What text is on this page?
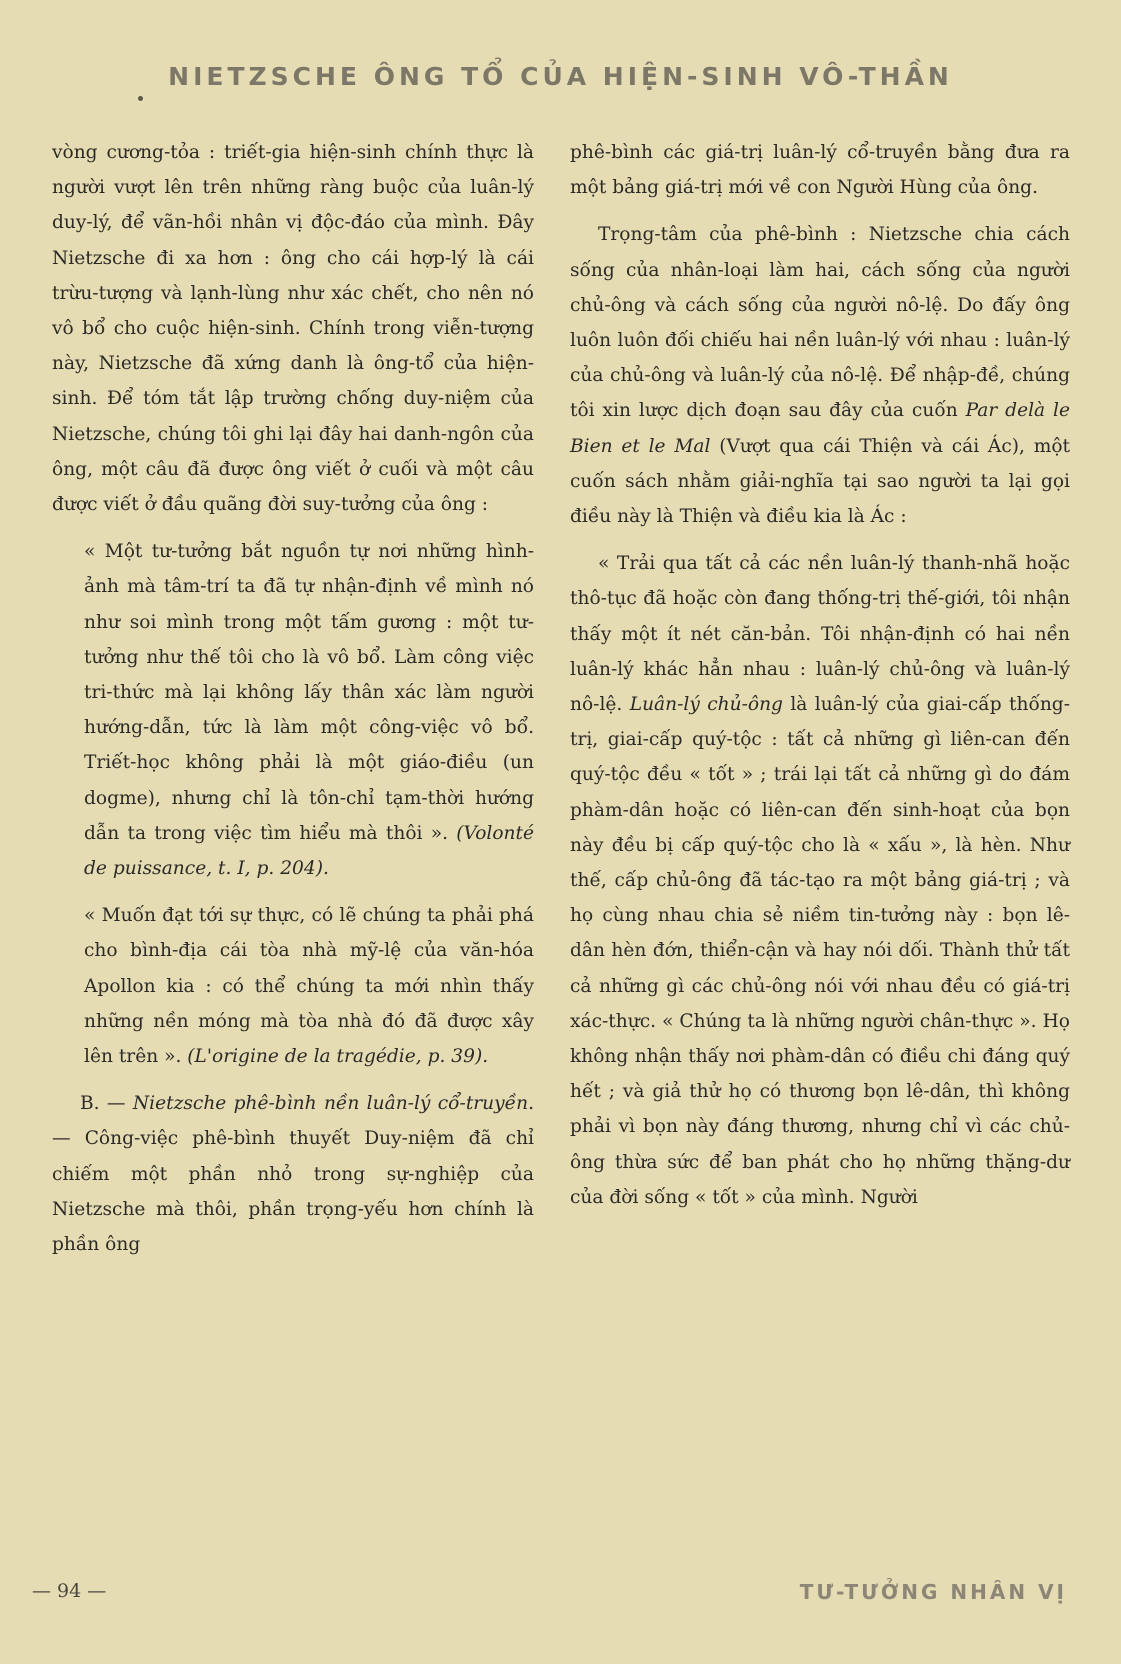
NIETZSCHE ÔNG TỔ CỦA HIỆN-SINH VÔ-THẦN

vòng cương-tỏa : triết-gia hiện-sinh chính thực là người vượt lên trên những ràng buộc của luân-lý duy-lý, để vãn-hồi nhân vị độc-đáo của mình. Đây Nietzsche đi xa hơn : ông cho cái hợp-lý là cái trừu-tượng và lạnh-lùng như xác chết, cho nên nó vô bổ cho cuộc hiện-sinh. Chính trong viễn-tượng này, Nietzsche đã xứng danh là ông-tổ của hiện-sinh. Để tóm tắt lập trường chống duy-niệm của Nietzsche, chúng tôi ghi lại đây hai danh-ngôn của ông, một câu đã được ông viết ở cuối và một câu được viết ở đầu quãng đời suy-tưởng của ông :

« Một tư-tưởng bắt nguồn tự nơi những hình-ảnh mà tâm-trí ta đã tự nhận-định về mình nó như soi mình trong một tấm gương : một tư-tưởng như thế tôi cho là vô bổ. Làm công việc tri-thức mà lại không lấy thân xác làm người hướng-dẫn, tức là làm một công-việc vô bổ. Triết-học không phải là một giáo-điều (un dogme), nhưng chỉ là tôn-chỉ tạm-thời hướng dẫn ta trong việc tìm hiểu mà thôi ». (Volonté de puissance, t. I, p. 204).

« Muốn đạt tới sự thực, có lẽ chúng ta phải phá cho bình-địa cái tòa nhà mỹ-lệ của văn-hóa Apollon kia : có thể chúng ta mới nhìn thấy những nền móng mà tòa nhà đó đã được xây lên trên ». (L'origine de la tragédie, p. 39).

B. — Nietzsche phê-bình nền luân-lý cổ-truyền. — Công-việc phê-bình thuyết Duy-niệm đã chỉ chiếm một phần nhỏ trong sự-nghiệp của Nietzsche mà thôi, phần trọng-yếu hơn chính là phần ông

phê-bình các giá-trị luân-lý cổ-truyền bằng đưa ra một bảng giá-trị mới về con Người Hùng của ông.

Trọng-tâm của phê-bình : Nietzsche chia cách sống của nhân-loại làm hai, cách sống của người chủ-ông và cách sống của người nô-lệ. Do đấy ông luôn luôn đối chiếu hai nền luân-lý với nhau : luân-lý của chủ-ông và luân-lý của nô-lệ. Để nhập-đề, chúng tôi xin lược dịch đoạn sau đây của cuốn Par delà le Bien et le Mal (Vượt qua cái Thiện và cái Ác), một cuốn sách nhằm giải-nghĩa tại sao người ta lại gọi điều này là Thiện và điều kia là Ác :

« Trải qua tất cả các nền luân-lý thanh-nhã hoặc thô-tục đã hoặc còn đang thống-trị thế-giới, tôi nhận thấy một ít nét căn-bản. Tôi nhận-định có hai nền luân-lý khác hẳn nhau : luân-lý chủ-ông và luân-lý nô-lệ. Luân-lý chủ-ông là luân-lý của giai-cấp thống-trị, giai-cấp quý-tộc : tất cả những gì liên-can đến quý-tộc đều « tốt » ; trái lại tất cả những gì do đám phàm-dân hoặc có liên-can đến sinh-hoạt của bọn này đều bị cấp quý-tộc cho là « xấu », là hèn. Như thế, cấp chủ-ông đã tác-tạo ra một bảng giá-trị ; và họ cùng nhau chia sẻ niềm tin-tưởng này : bọn lê-dân hèn đớn, thiển-cận và hay nói dối. Thành thử tất cả những gì các chủ-ông nói với nhau đều có giá-trị xác-thực. « Chúng ta là những người chân-thực ». Họ không nhận thấy nơi phàm-dân có điều chi đáng quý hết ; và giả thử họ có thương bọn lê-dân, thì không phải vì bọn này đáng thương, nhưng chỉ vì các chủ-ông thừa sức để ban phát cho họ những thặng-dư của đời sống « tốt » của mình. Người

— 94 —	TƯ-TƯỞNG NHÂN VỊ
